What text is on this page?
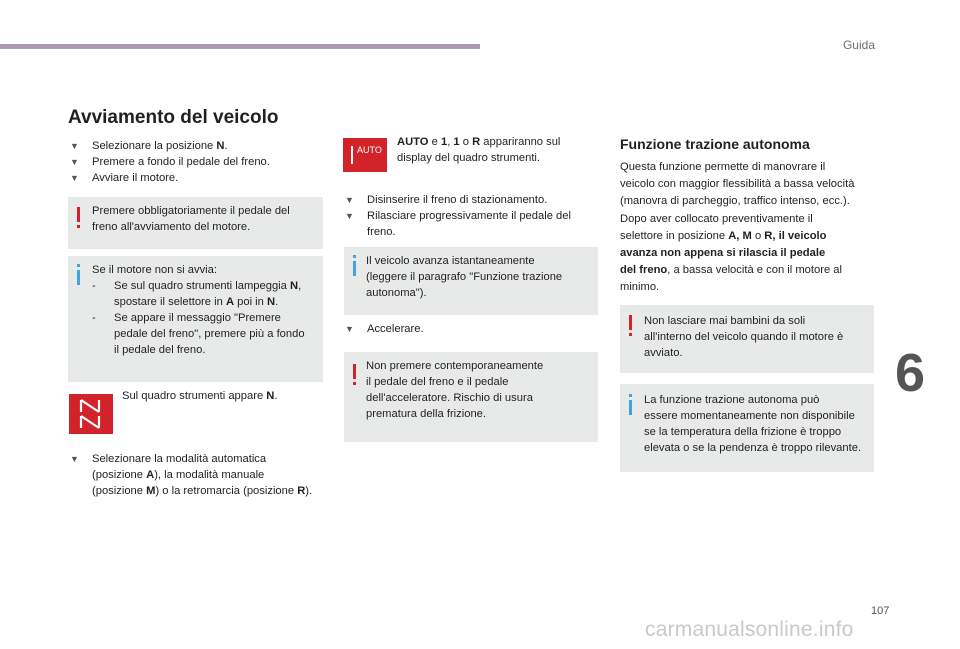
Guida
6
107
carmanualsonline.info
Avviamento del veicolo
▼ Selezionare la posizione N.
▼ Premere a fondo il pedale del freno.
▼ Avviare il motore.
Premere obbligatoriamente il pedale del
freno all'avviamento del motore.
Se il motore non si avvia:
- Se sul quadro strumenti lampeggia N,
spostare il selettore in A poi in N.
- Se appare il messaggio "Premere
pedale del freno", premere più a fondo
il pedale del freno.
Sul quadro strumenti appare N.
▼ Selezionare la modalità automatica
(posizione A), la modalità manuale
(posizione M) o la retromarcia (posizione R).
AUTO
AUTO e 1, 1 o R appariranno sul
display del quadro strumenti.
▼ Disinserire il freno di stazionamento.
▼ Rilasciare progressivamente il pedale del
freno.
Il veicolo avanza istantaneamente
(leggere il paragrafo "Funzione trazione
autonoma").
▼ Accelerare.
Non premere contemporaneamente
il pedale del freno e il pedale
dell'acceleratore. Rischio di usura
prematura della frizione.
Funzione trazione autonoma
Questa funzione permette di manovrare il
veicolo con maggior flessibilità a bassa velocità
(manovra di parcheggio, traffico intenso, ecc.).
Dopo aver collocato preventivamente il
selettore in posizione A, M o R, il veicolo
avanza non appena si rilascia il pedale
del freno, a bassa velocità e con il motore al
minimo.
Non lasciare mai bambini da soli
all'interno del veicolo quando il motore è
avviato.
La funzione trazione autonoma può
essere momentaneamente non disponibile
se la temperatura della frizione è troppo
elevata o se la pendenza è troppo rilevante.
